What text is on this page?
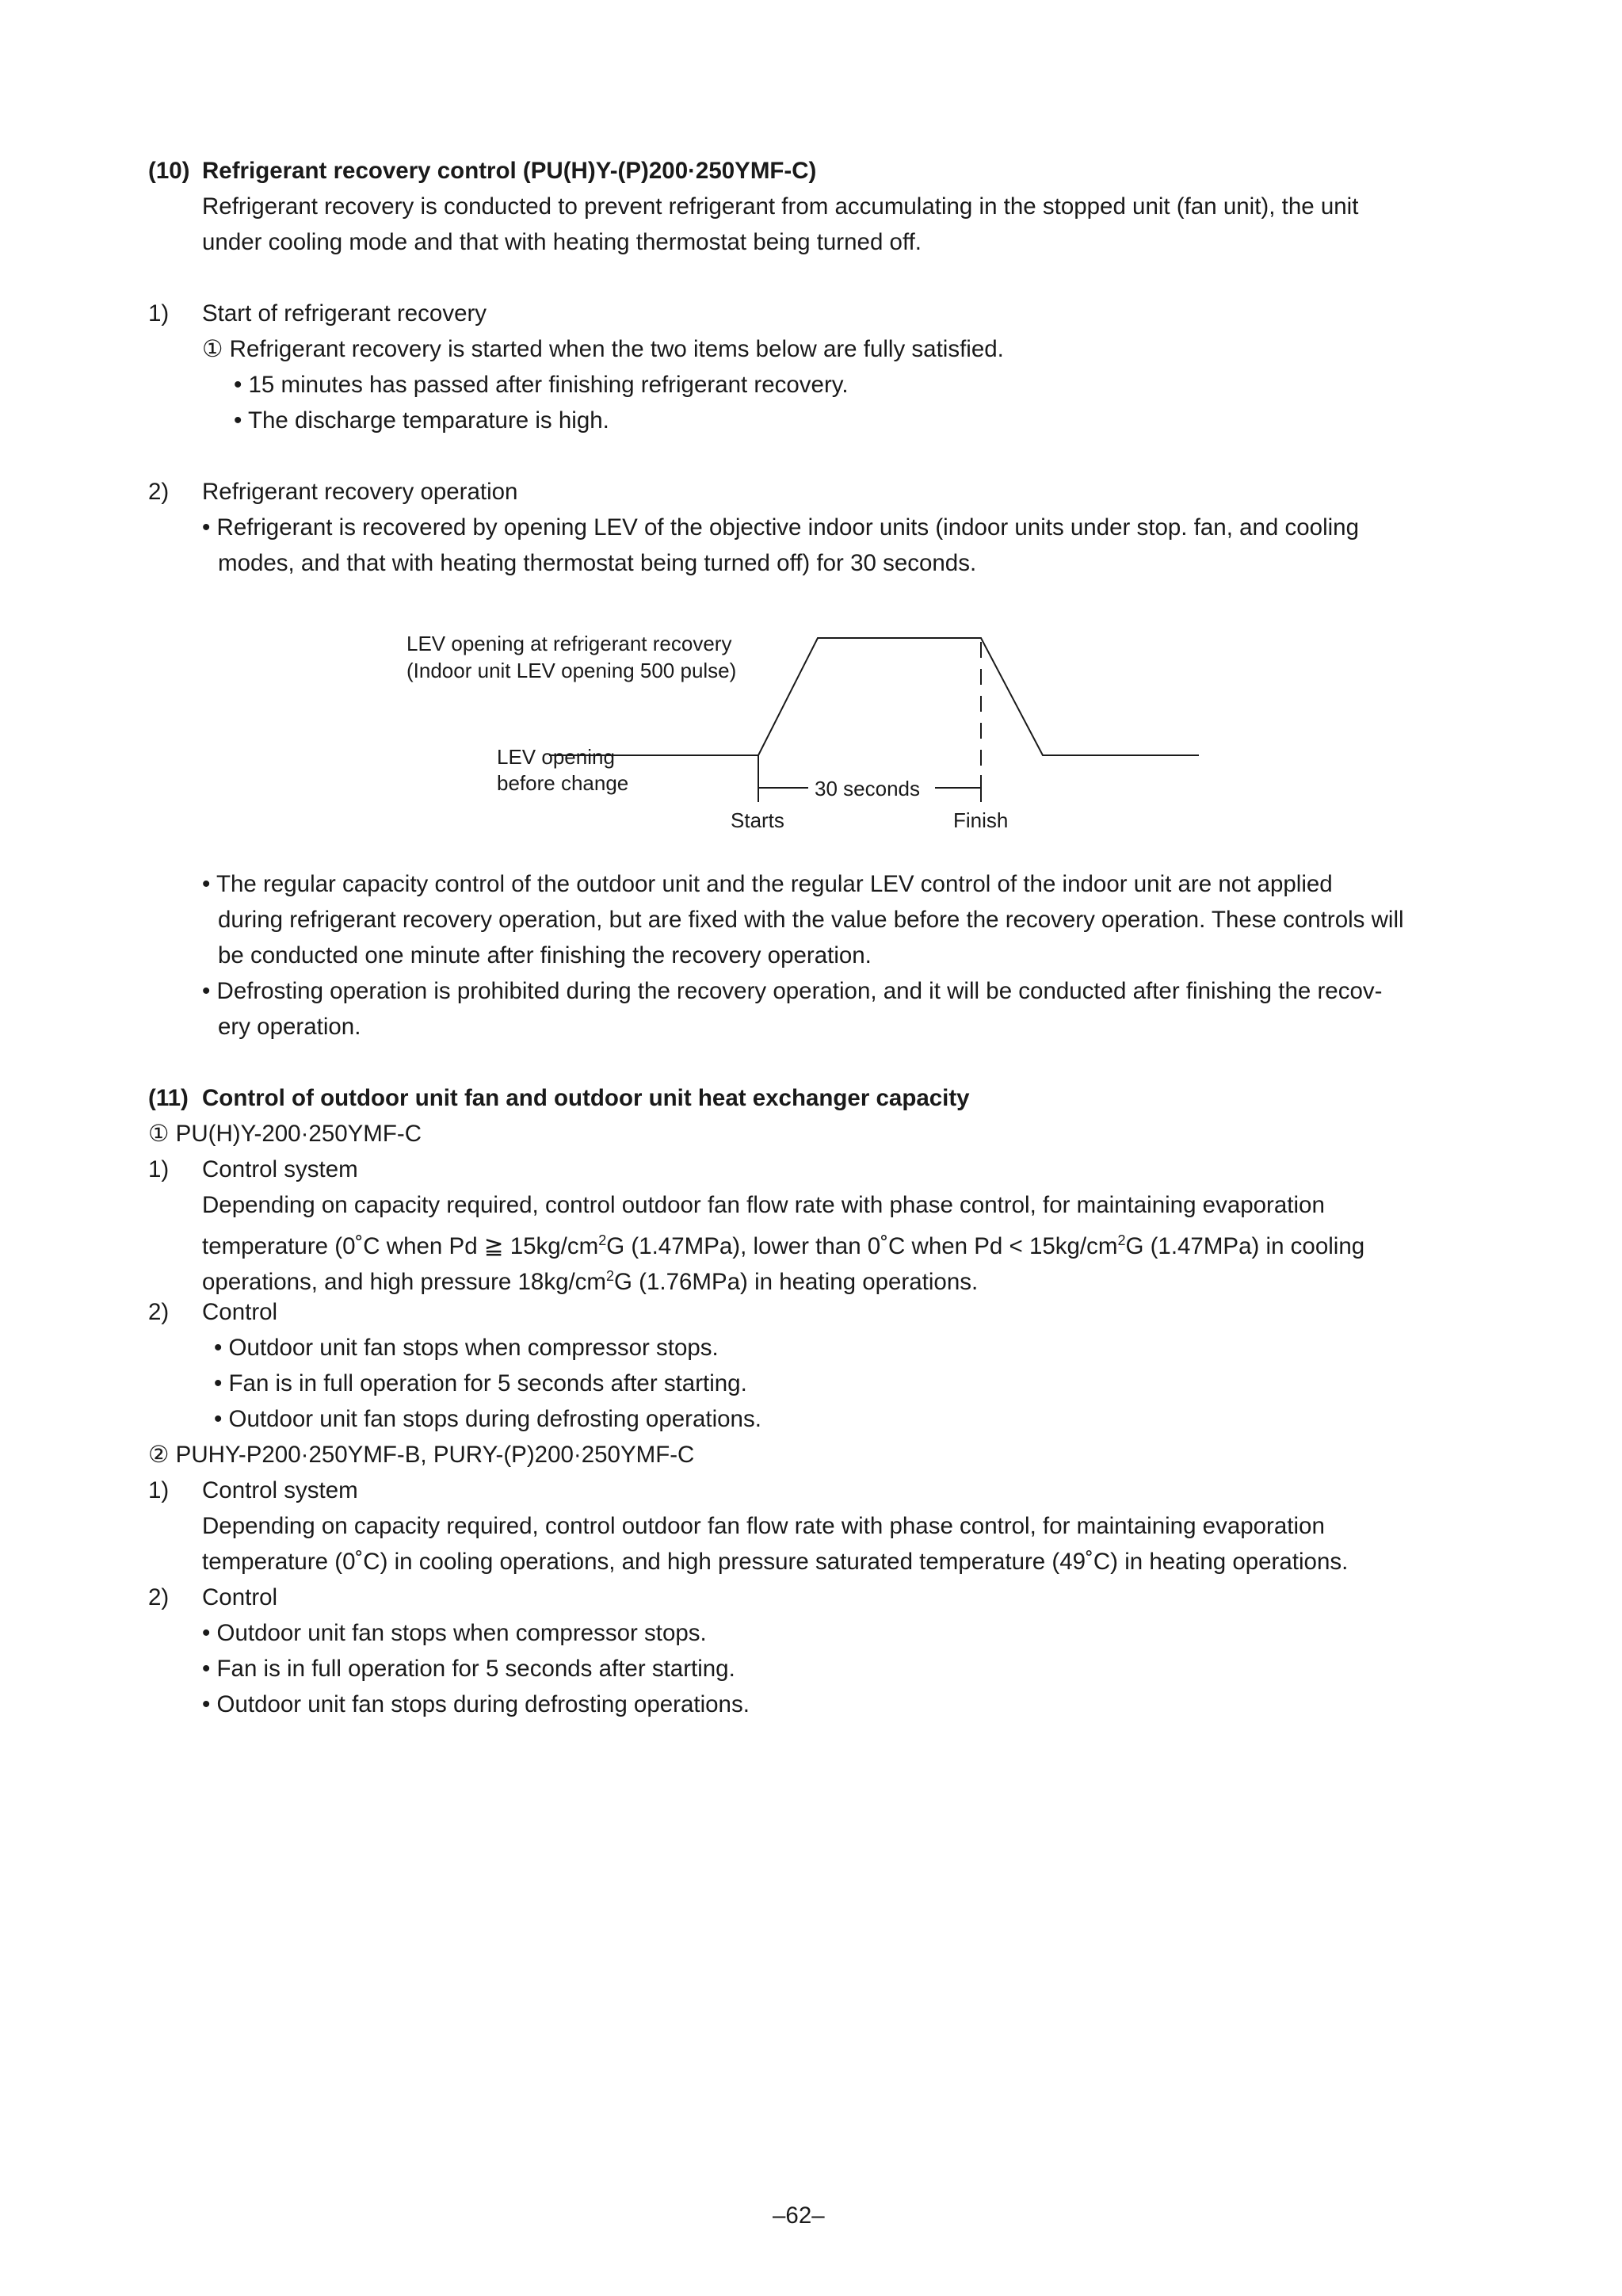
(10) Refrigerant recovery control (PU(H)Y-(P)200·250YMF-C)
Refrigerant recovery is conducted to prevent refrigerant from accumulating in the stopped unit (fan unit), the unit
under cooling mode and that with heating thermostat being turned off.
1) Start of refrigerant recovery
① Refrigerant recovery is started when the two items below are fully satisfied.
• 15 minutes has passed after finishing refrigerant recovery.
• The discharge temparature is high.
2) Refrigerant recovery operation
• Refrigerant is recovered by opening LEV of the objective indoor units (indoor units under stop. fan, and cooling
modes, and that with heating thermostat being turned off) for 30 seconds.
LEV opening at refrigerant recovery
(Indoor unit LEV opening 500 pulse)
LEV opening
before change	30 seconds
Starts	Finish
• The regular capacity control of the outdoor unit and the regular LEV control of the indoor unit are not applied
during refrigerant recovery operation, but are fixed with the value before the recovery operation. These controls will
be conducted one minute after finishing the recovery operation.
• Defrosting operation is prohibited during the recovery operation, and it will be conducted after finishing the recov-
ery operation.
(11) Control of outdoor unit fan and outdoor unit heat exchanger capacity
① PU(H)Y-200·250YMF-C
1) Control system
Depending on capacity required, control outdoor fan flow rate with phase control, for maintaining evaporation
temperature (0˚C when Pd ≧ $15kg/cm^2G$ (1.47MPa), lower than 0˚C when $Pd < 15kg/cm^2G$ (1.47MPa) in cooling
operations, and high pressure $18kg/cm^2G$ (1.76MPa) in heating operations.
2) Control
• Outdoor unit fan stops when compressor stops.
• Fan is in full operation for 5 seconds after starting.
• Outdoor unit fan stops during defrosting operations.
② PUHY-P200·250YMF-B, PURY-(P)200·250YMF-C
1) Control system
Depending on capacity required, control outdoor fan flow rate with phase control, for maintaining evaporation
temperature (0˚C) in cooling operations, and high pressure saturated temperature (49˚C) in heating operations.
2) Control
• Outdoor unit fan stops when compressor stops.
• Fan is in full operation for 5 seconds after starting.
• Outdoor unit fan stops during defrosting operations.
–62–
